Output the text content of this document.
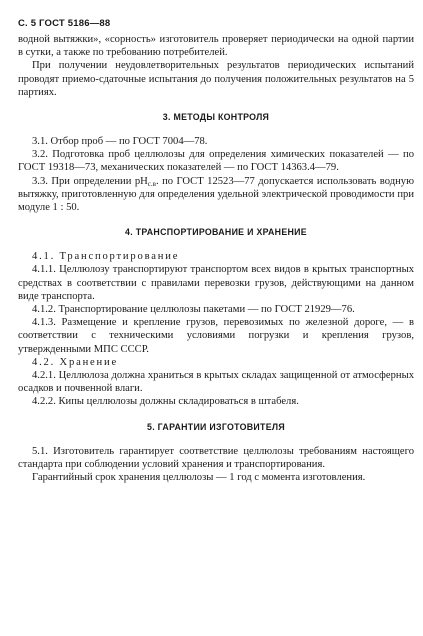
С. 5 ГОСТ 5186—88

водной вытяжки», «сорность» изготовитель проверяет периодически на одной партии в сутки, а также по требованию потребителей.

При получении неудовлетворительных результатов периодических испытаний проводят приемо-сдаточные испытания до получения положительных результатов на 5 партиях.

3. МЕТОДЫ КОНТРОЛЯ

3.1. Отбор проб — по ГОСТ 7004—78.

3.2. Подготовка проб целлюлозы для определения химических показателей — по ГОСТ 19318—73, механических показателей — по ГОСТ 14363.4—79.

3.3. При определении $pH_{с.в}$. по ГОСТ 12523—77 допускается использовать водную вытяжку, приготовленную для определения удельной электрической проводимости при модуле 1 : 50.

4. ТРАНСПОРТИРОВАНИЕ И ХРАНЕНИЕ

4.1. Транспортирование

4.1.1. Целлюлозу транспортируют транспортом всех видов в крытых транспортных средствах в соответствии с правилами перевозки грузов, действующими на данном виде транспорта.

4.1.2. Транспортирование целлюлозы пакетами — по ГОСТ 21929—76.

4.1.3. Размещение и крепление грузов, перевозимых по железной дороге, — в соответствии с техническими условиями погрузки и крепления грузов, утвержденными МПС СССР.

4.2. Хранение

4.2.1. Целлюлоза должна храниться в крытых складах защищенной от атмосферных осадков и почвенной влаги.

4.2.2. Кипы целлюлозы должны складироваться в штабеля.

5. ГАРАНТИИ ИЗГОТОВИТЕЛЯ

5.1. Изготовитель гарантирует соответствие целлюлозы требованиям настоящего стандарта при соблюдении условий хранения и транспортирования.

Гарантийный срок хранения целлюлозы — 1 год с момента изготовления.
